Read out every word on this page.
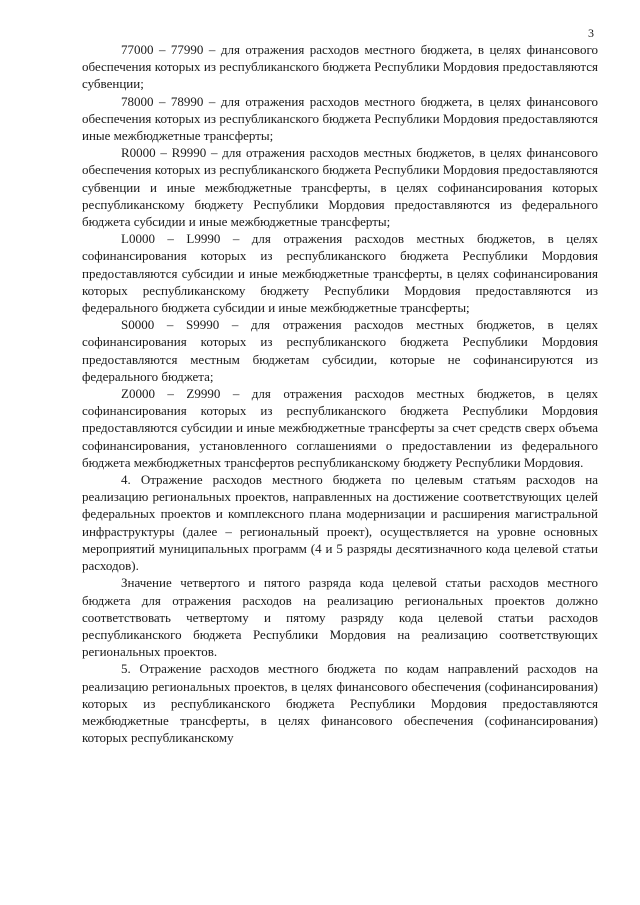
3

77000 – 77990 – для отражения расходов местного бюджета, в целях финансового обеспечения которых из республиканского бюджета Республики Мордовия предоставляются субвенции;

78000 – 78990 – для отражения расходов местного бюджета, в целях финансового обеспечения которых из республиканского бюджета Республики Мордовия предоставляются иные межбюджетные трансферты;

R0000 – R9990 – для отражения расходов местных бюджетов, в целях финансового обеспечения которых из республиканского бюджета Республики Мордовия предоставляются субвенции и иные межбюджетные трансферты, в целях софинансирования которых республиканскому бюджету Республики Мордовия предоставляются из федерального бюджета субсидии и иные межбюджетные трансферты;

L0000 – L9990 – для отражения расходов местных бюджетов, в целях софинансирования которых из республиканского бюджета Республики Мордовия предоставляются субсидии и иные межбюджетные трансферты, в целях софинансирования которых республиканскому бюджету Республики Мордовия предоставляются из федерального бюджета субсидии и иные межбюджетные трансферты;

S0000 – S9990 – для отражения расходов местных бюджетов, в целях софинансирования которых из республиканского бюджета Республики Мордовия предоставляются местным бюджетам субсидии, которые не софинансируются из федерального бюджета;

Z0000 – Z9990 – для отражения расходов местных бюджетов, в целях софинансирования которых из республиканского бюджета Республики Мордовия предоставляются субсидии и иные межбюджетные трансферты за счет средств сверх объема софинансирования, установленного соглашениями о предоставлении из федерального бюджета межбюджетных трансфертов республиканскому бюджету Республики Мордовия.

4. Отражение расходов местного бюджета по целевым статьям расходов на реализацию региональных проектов, направленных на достижение соответствующих целей федеральных проектов и комплексного плана модернизации и расширения магистральной инфраструктуры (далее – региональный проект), осуществляется на уровне основных мероприятий муниципальных программ (4 и 5 разряды десятизначного кода целевой статьи расходов).

Значение четвертого и пятого разряда кода целевой статьи расходов местного бюджета для отражения расходов на реализацию региональных проектов должно соответствовать четвертому и пятому разряду кода целевой статьи расходов республиканского бюджета Республики Мордовия на реализацию соответствующих региональных проектов.

5. Отражение расходов местного бюджета по кодам направлений расходов на реализацию региональных проектов, в целях финансового обеспечения (софинансирования) которых из республиканского бюджета Республики Мордовия предоставляются межбюджетные трансферты, в целях финансового обеспечения (софинансирования) которых республиканскому
